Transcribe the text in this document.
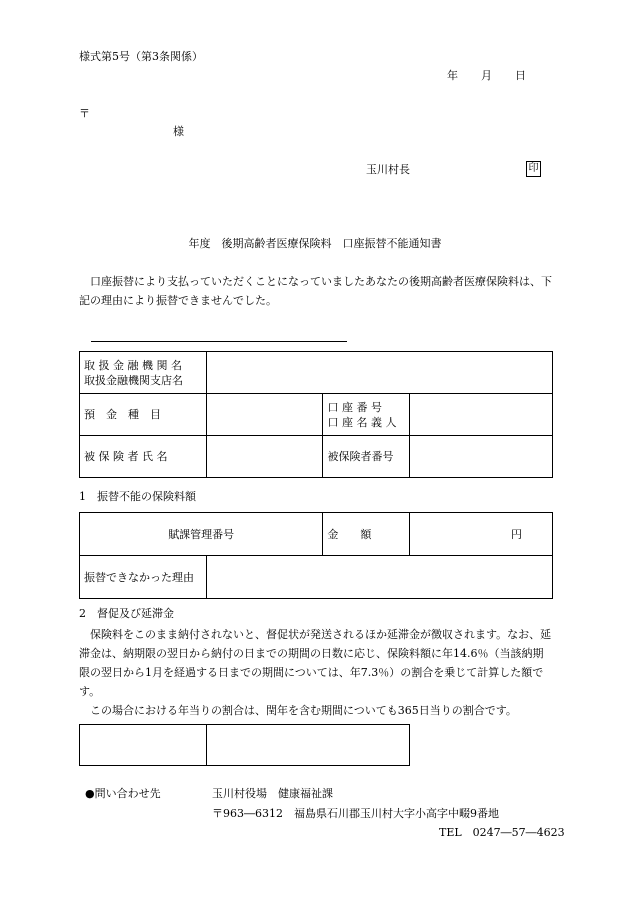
様式第5号（第3条関係）
年 月 日
〒
様
玉川村長	印
年度　後期高齢者医療保険料　口座振替不能通知書
口座振替により支払っていただくことになっていましたあなたの後期高齢者医療保険料は、下記の理由により振替できませんでした。
取 扱 金 融 機 関 名
取扱金融機関支店名			

預　金　種　目		口 座 番 号
口 座 名 義 人	

被 保 険 者 氏 名		被保険者番号	
1　振替不能の保険料額
賦課管理番号		金　　額	円
振替できなかった理由			
2　督促及び延滞金

保険料をこのまま納付されないと、督促状が発送されるほか延滞金が徴収されます。なお、延滞金は、納期限の翌日から納付の日までの期間の日数に応じ、保険料額に年14.6％（当該納期限の翌日から1月を経過する日までの期間については、年7.3％）の割合を乗じて計算した額です。

この場合における年当りの割合は、閏年を含む期間についても365日当りの割合です。

●問い合わせ先	玉川村役場　健康福祉課
〒963―6312　福島県石川郡玉川村大字小高字中畷9番地
TEL　0247―57―4623
